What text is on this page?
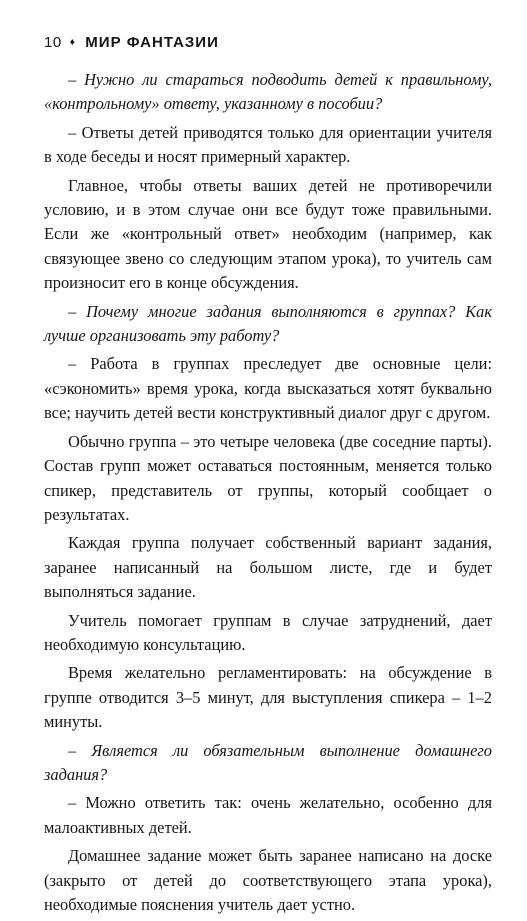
10 ♦ МИР ФАНТАЗИИ

– Нужно ли стараться подводить детей к правильному, «контрольному» ответу, указанному в пособии?

– Ответы детей приводятся только для ориентации учителя в ходе беседы и носят примерный характер.

Главное, чтобы ответы ваших детей не противоречили условию, и в этом случае они все будут тоже правильными. Если же «контрольный ответ» необходим (например, как связующее звено со следующим этапом урока), то учитель сам произносит его в конце обсуждения.

– Почему многие задания выполняются в группах? Как лучше организовать эту работу?

– Работа в группах преследует две основные цели: «сэкономить» время урока, когда высказаться хотят буквально все; научить детей вести конструктивный диалог друг с другом.

Обычно группа – это четыре человека (две соседние парты). Состав групп может оставаться постоянным, меняется только спикер, представитель от группы, который сообщает о результатах.

Каждая группа получает собственный вариант задания, заранее написанный на большом листе, где и будет выполняться задание.

Учитель помогает группам в случае затруднений, дает необходимую консультацию.

Время желательно регламентировать: на обсуждение в группе отводится 3–5 минут, для выступления спикера – 1–2 минуты.

– Является ли обязательным выполнение домашнего задания?

– Можно ответить так: очень желательно, особенно для малоактивных детей.

Домашнее задание может быть заранее написано на доске (закрыто от детей до соответствующего этапа урока), необходимые пояснения учитель дает устно.
